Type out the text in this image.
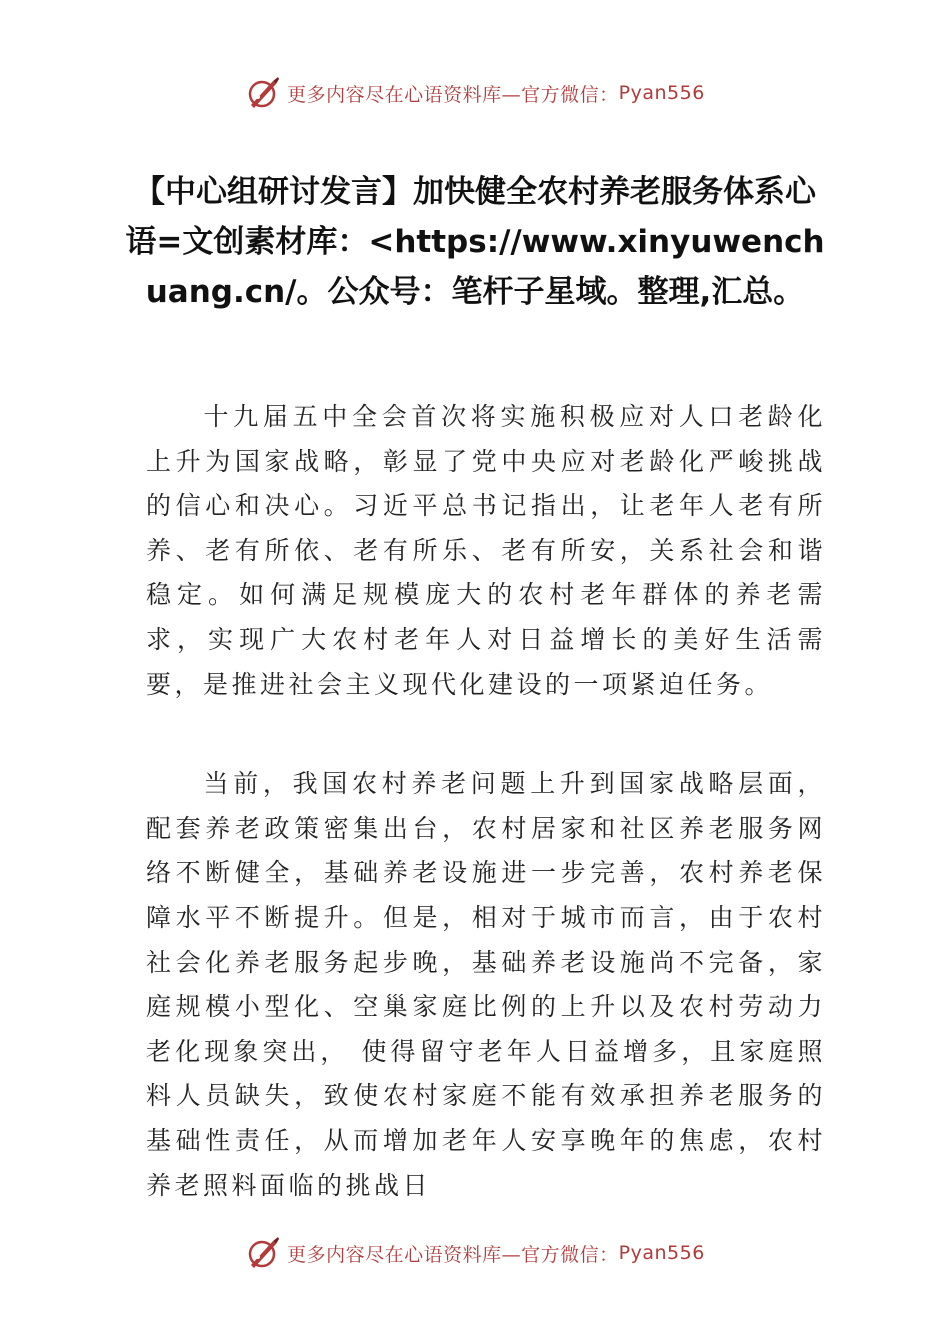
更多内容尽在心语资料库—官方微信： Pyan556
【中心组研讨发言】加快健全农村养老服务体系心语=文创素材库：<https://www.xinyuwenchuang.cn/。公众号：笔杆子星域。整理,汇总。

十九届五中全会首次将实施积极应对人口老龄化上升为国家战略，彰显了党中央应对老龄化严峻挑战的信心和决心。习近平总书记指出，让老年人老有所养、老有所依、老有所乐、老有所安，关系社会和谐稳定。如何满足规模庞大的农村老年群体的养老需求，实现广大农村老年人对日益增长的美好生活需要，是推进社会主义现代化建设的一项紧迫任务。

当前，我国农村养老问题上升到国家战略层面，配套养老政策密集出台，农村居家和社区养老服务网络不断健全，基础养老设施进一步完善，农村养老保障水平不断提升。但是，相对于城市而言，由于农村社会化养老服务起步晚，基础养老设施尚不完备，家庭规模小型化、空巢家庭比例的上升以及农村劳动力老化现象突出， 使得留守老年人日益增多，且家庭照料人员缺失，致使农村家庭不能有效承担养老服务的基础性责任，从而增加老年人安享晚年的焦虑，农村养老照料面临的挑战日

更多内容尽在心语资料库—官方微信： Pyan556
